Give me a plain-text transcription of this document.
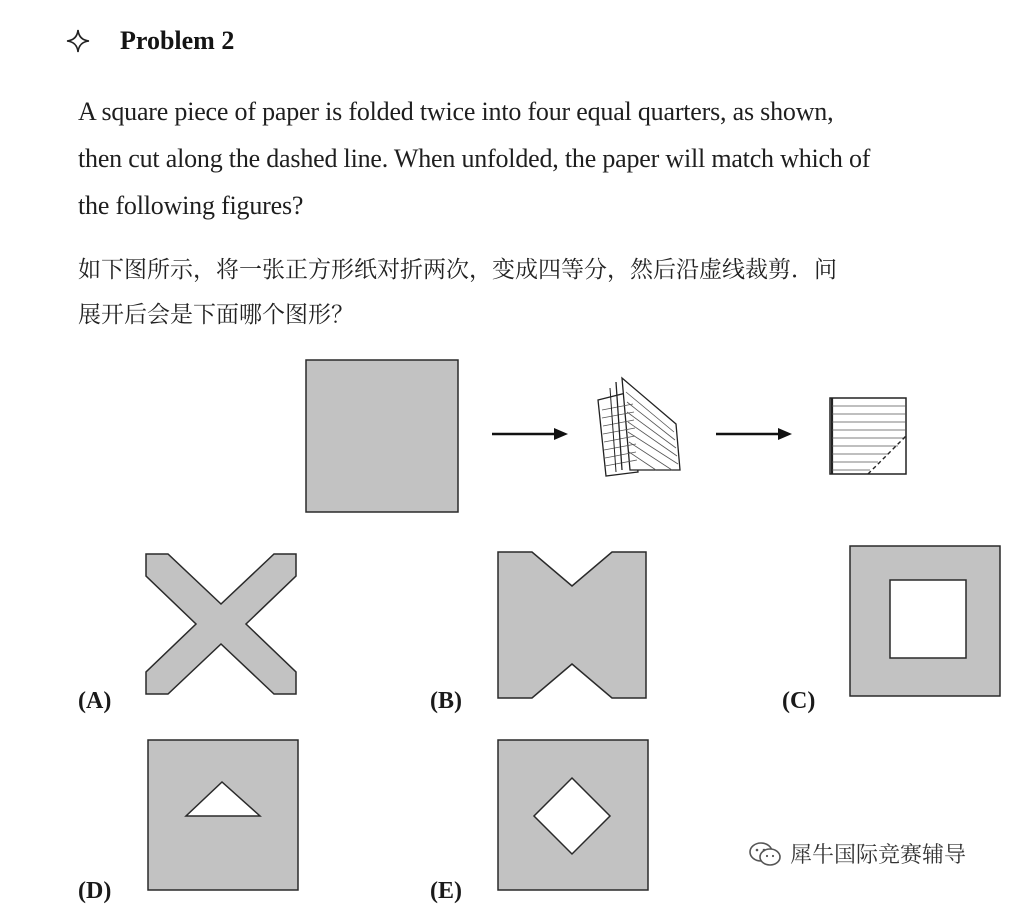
Problem 2
A square piece of paper is folded twice into four equal quarters, as shown,
then cut along the dashed line. When unfolded, the paper will match which of
the following figures?
如下图所示，将一张正方形纸对折两次，变成四等分，然后沿虚线裁剪．问
展开后会是下面哪个图形？
(A)	(B)	(C)
(D)	(E)
犀牛国际竞赛辅导
